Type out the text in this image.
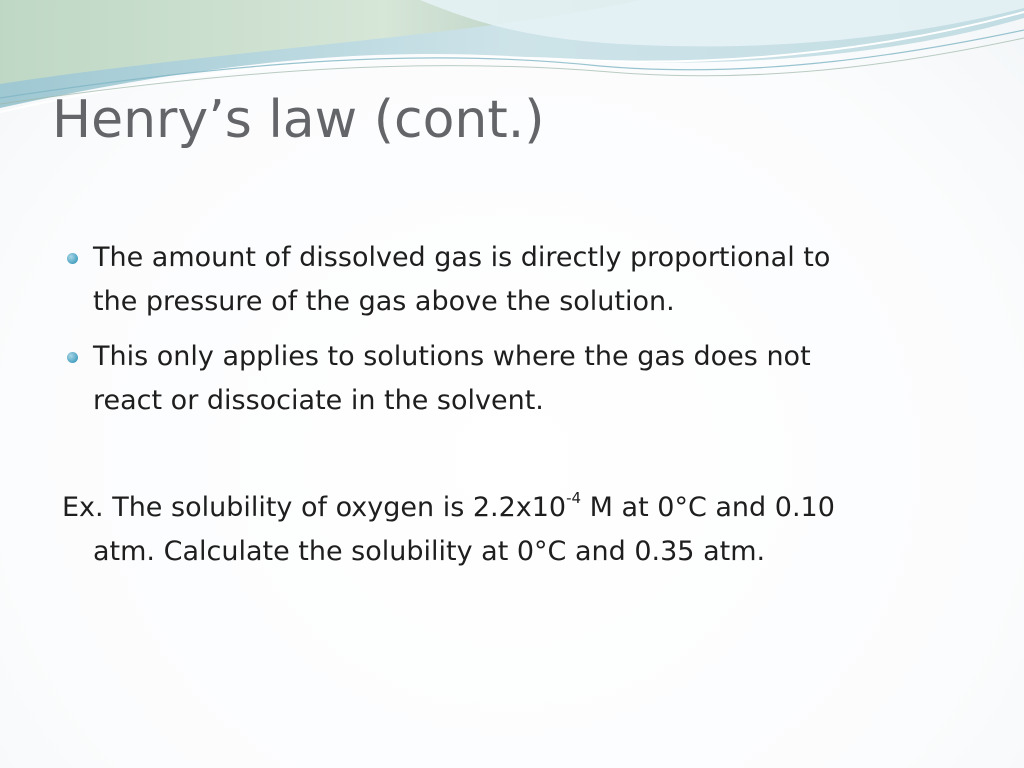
Henry’s law (cont.)
The amount of dissolved gas is directly proportional to
the pressure of the gas above the solution.
This only applies to solutions where the gas does not
react or dissociate in the solvent.
Ex. The solubility of oxygen is $2.2x10^{-4}$ M at 0°C and 0.10
atm. Calculate the solubility at 0°C and 0.35 atm.
